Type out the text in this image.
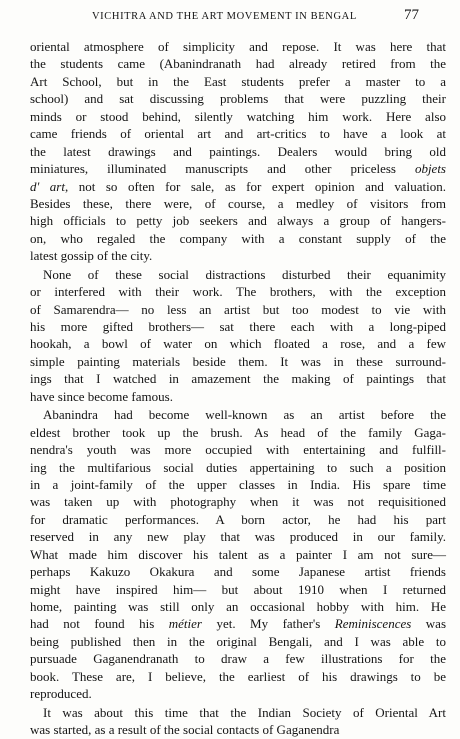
VICHITRA AND THE ART MOVEMENT IN BENGAL	77
oriental atmosphere of simplicity and repose. It was here that
the students came (Abanindranath had already retired from the
Art School, but in the East students prefer a master to a
school) and sat discussing problems that were puzzling their
minds or stood behind, silently watching him work. Here also
came friends of oriental art and art-critics to have a look at
the latest drawings and paintings. Dealers would bring old
miniatures, illuminated manuscripts and other priceless objets
d' art, not so often for sale, as for expert opinion and valuation.
Besides these, there were, of course, a medley of visitors from
high officials to petty job seekers and always a group of hangers-
on, who regaled the company with a constant supply of the
latest gossip of the city.
None of these social distractions disturbed their equanimity
or interfered with their work. The brothers, with the exception
of Samarendra— no less an artist but too modest to vie with
his more gifted brothers— sat there each with a long-piped
hookah, a bowl of water on which floated a rose, and a few
simple painting materials beside them. It was in these surround-
ings that I watched in amazement the making of paintings that
have since become famous.
Abanindra had become well-known as an artist before the
eldest brother took up the brush. As head of the family Gaga-
nendra's youth was more occupied with entertaining and fulfill-
ing the multifarious social duties appertaining to such a position
in a joint-family of the upper classes in India. His spare time
was taken up with photography when it was not requisitioned
for dramatic performances. A born actor, he had his part
reserved in any new play that was produced in our family.
What made him discover his talent as a painter I am not sure—
perhaps Kakuzo Okakura and some Japanese artist friends
might have inspired him— but about 1910 when I returned
home, painting was still only an occasional hobby with him. He
had not found his métier yet. My father's Reminiscences was
being published then in the original Bengali, and I was able to
pursuade Gaganendranath to draw a few illustrations for the
book. These are, I believe, the earliest of his drawings to be
reproduced.
It was about this time that the Indian Society of Oriental Art
was started, as a result of the social contacts of Gaganendra
